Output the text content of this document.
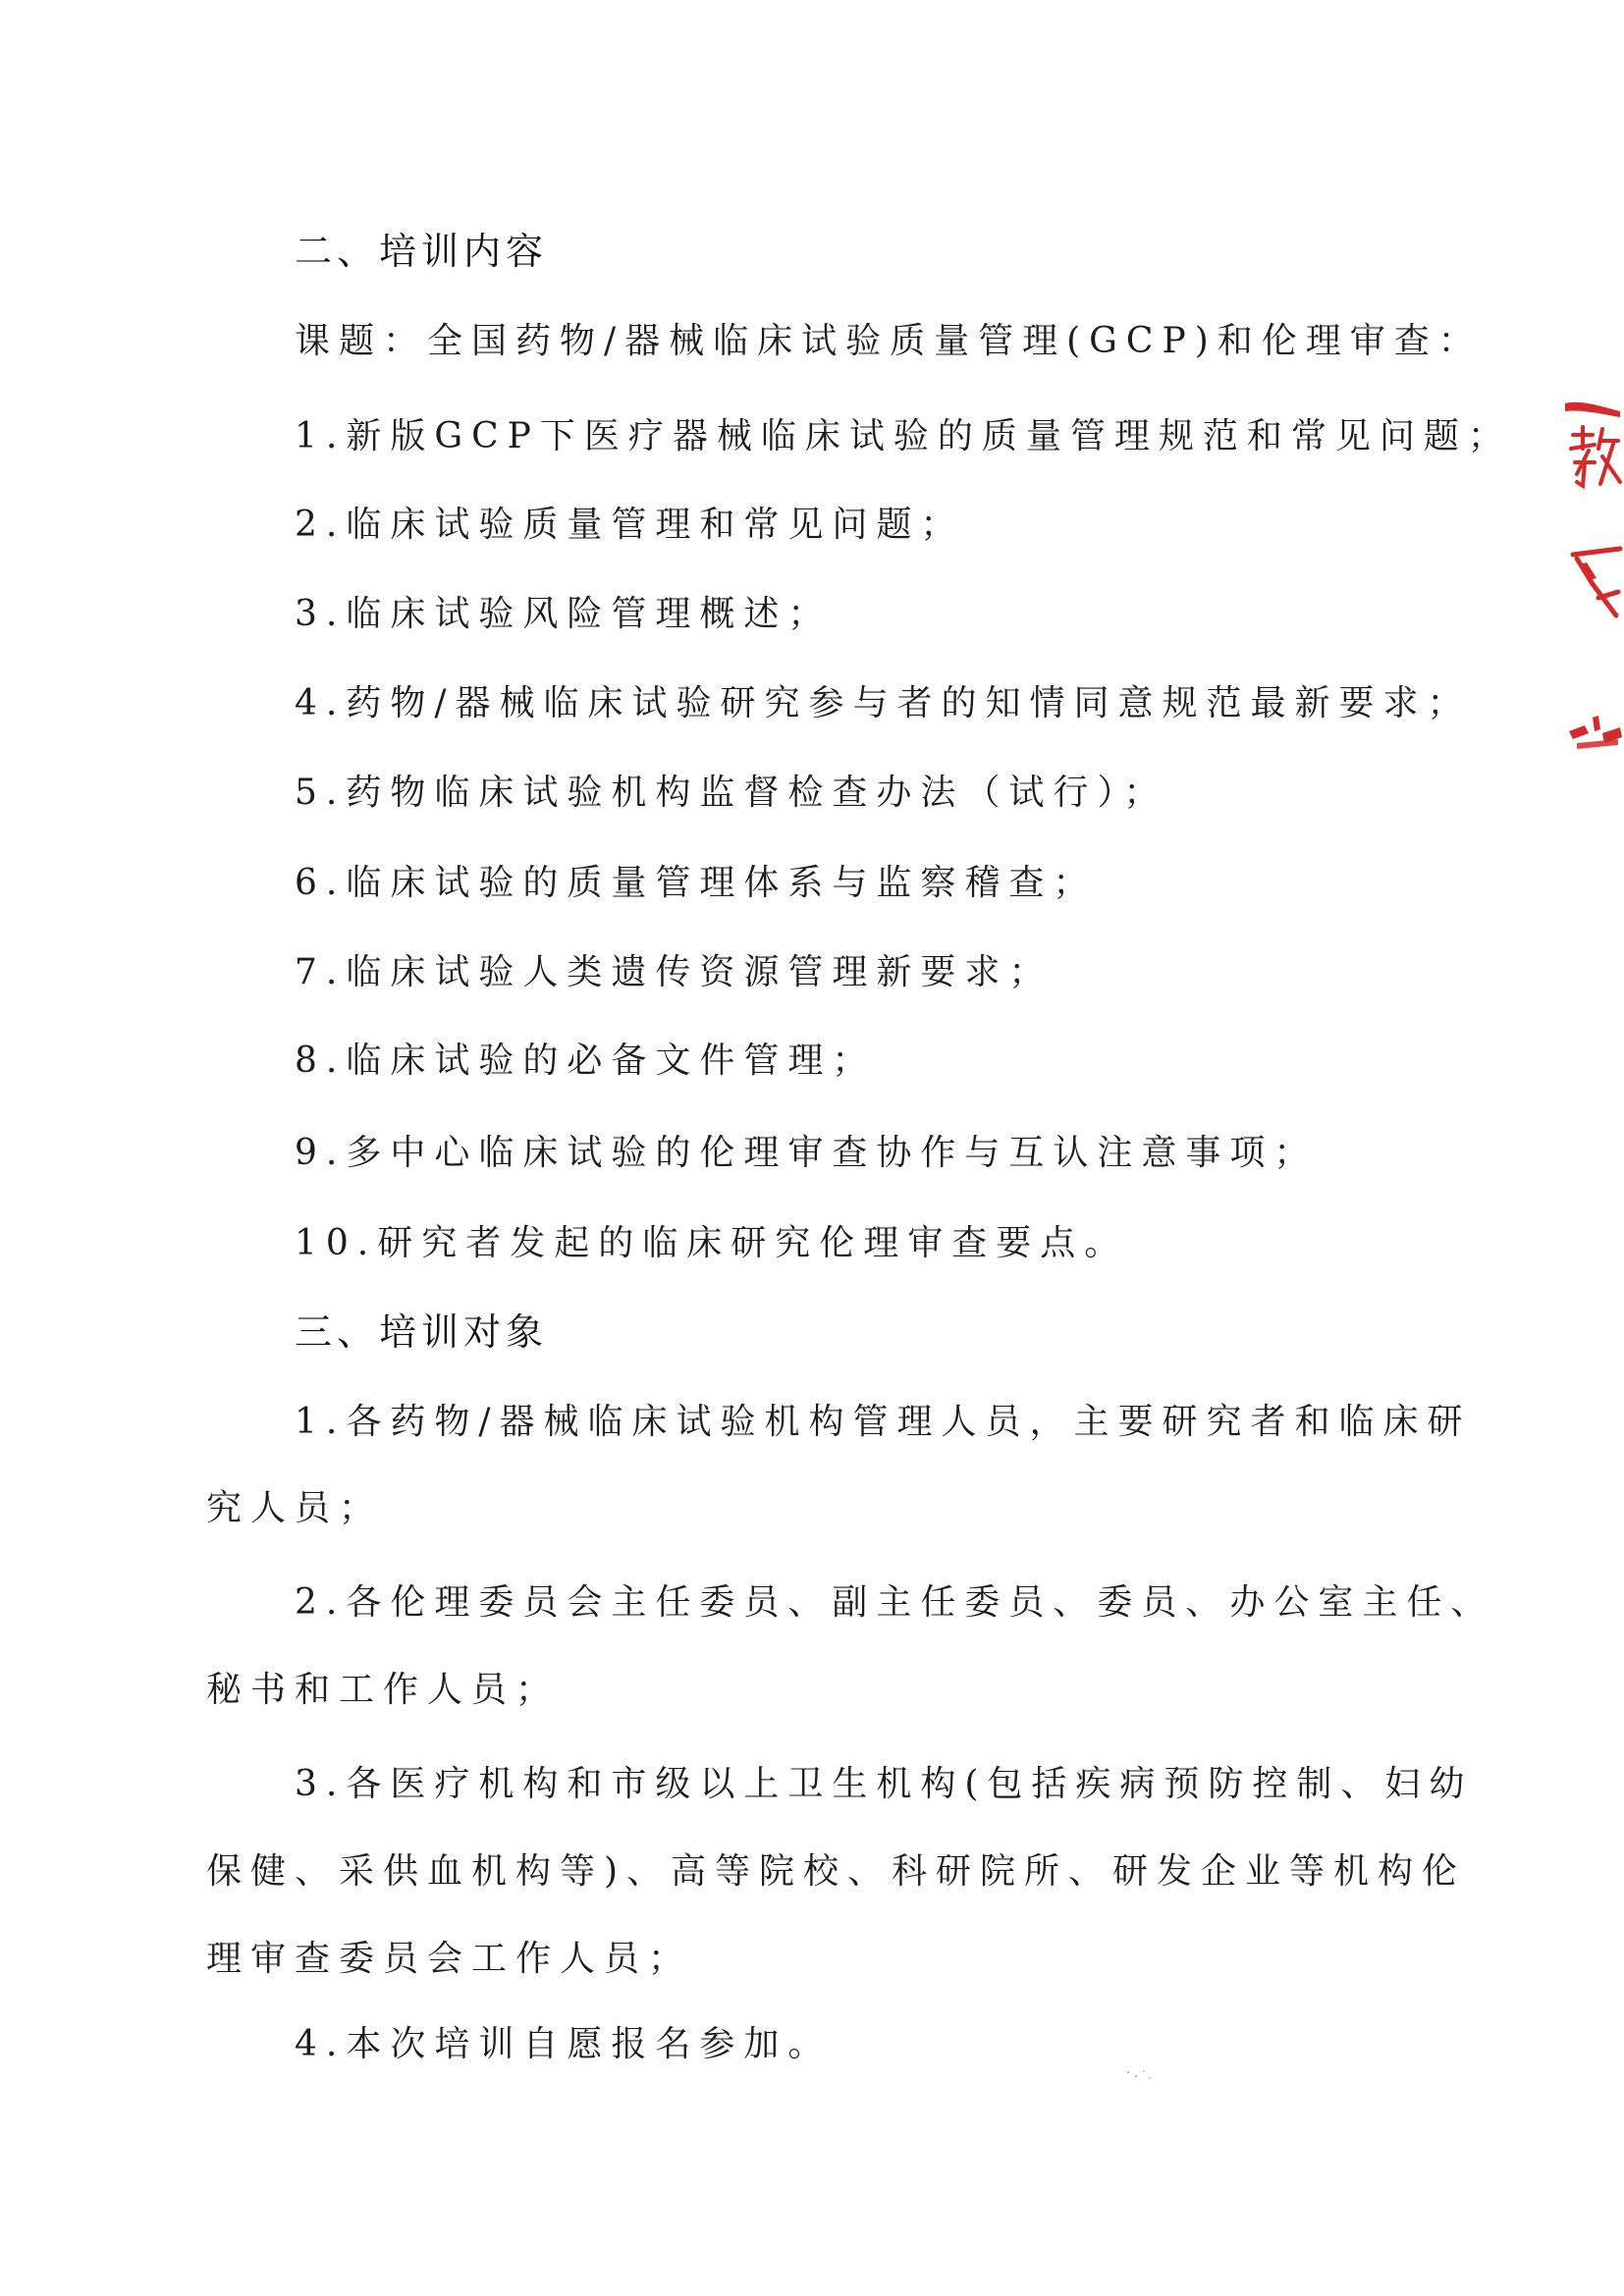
二、培训内容
课题：全国药物/器械临床试验质量管理(GCP)和伦理审查：
1.新版GCP下医疗器械临床试验的质量管理规范和常见问题；
2.临床试验质量管理和常见问题；
3.临床试验风险管理概述；
4.药物/器械临床试验研究参与者的知情同意规范最新要求；
5.药物临床试验机构监督检查办法（试行）；
6.临床试验的质量管理体系与监察稽查；
7.临床试验人类遗传资源管理新要求；
8.临床试验的必备文件管理；
9.多中心临床试验的伦理审查协作与互认注意事项；
10.研究者发起的临床研究伦理审查要点。
三、培训对象
1.各药物/器械临床试验机构管理人员，主要研究者和临床研
究人员；
2.各伦理委员会主任委员、副主任委员、委员、办公室主任、
秘书和工作人员；
3.各医疗机构和市级以上卫生机构(包括疾病预防控制、妇幼
保健、采供血机构等)、高等院校、科研院所、研发企业等机构伦
理审查委员会工作人员；
4.本次培训自愿报名参加。
